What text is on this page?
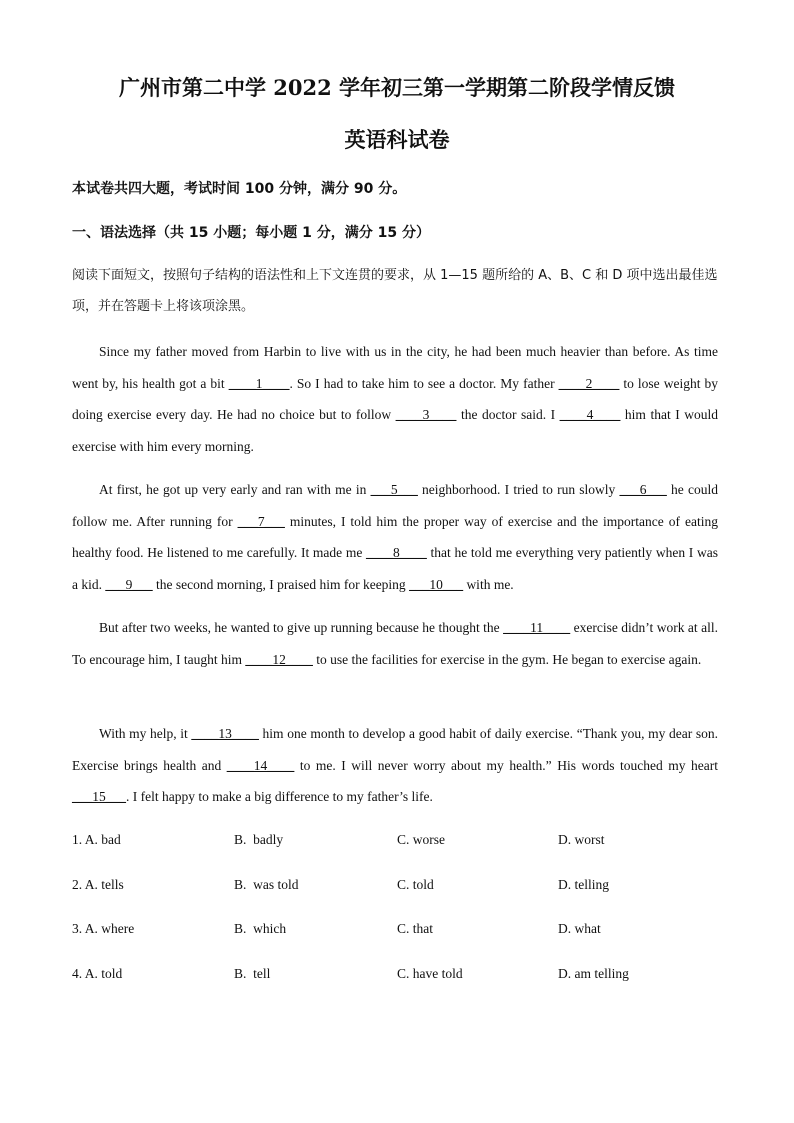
广州市第二中学 2022 学年初三第一学期第二阶段学情反馈
英语科试卷
本试卷共四大题，考试时间 100 分钟，满分 90 分。
一、语法选择（共 15 小题；每小题 1 分，满分 15 分）
阅读下面短文，按照句子结构的语法性和上下文连贯的要求，从 1—15 题所给的 A、B、C 和 D 项中选出最佳选项，并在答题卡上将该项涂黑。
Since my father moved from Harbin to live with us in the city, he had been much heavier than before. As time went by, his health got a bit ____1____. So I had to take him to see a doctor. My father ____2____ to lose weight by doing exercise every day. He had no choice but to follow ____3____ the doctor said. I ____4____ him that I would exercise with him every morning.
At first, he got up very early and ran with me in ___5___ neighborhood. I tried to run slowly ___6___ he could follow me. After running for ___7___ minutes, I told him the proper way of exercise and the importance of eating healthy food. He listened to me carefully. It made me ____8____ that he told me everything very patiently when I was a kid. ___9___ the second morning, I praised him for keeping ___10___ with me.
But after two weeks, he wanted to give up running because he thought the ____11____ exercise didn’t work at all. To encourage him, I taught him ____12____ to use the facilities for exercise in the gym. He began to exercise again.
With my help, it ____13____ him one month to develop a good habit of daily exercise. “Thank you, my dear son. Exercise brings health and ____14____ to me. I will never worry about my health.” His words touched my heart ___15___. I felt happy to make a big difference to my father’s life.
1. A. bad	B.  badly	C. worse	D. worst
2. A. tells	B.  was told	C. told	D. telling
3. A. where	B.  which	C. that	D. what
4. A. told	B.  tell	C. have told	D. am telling
